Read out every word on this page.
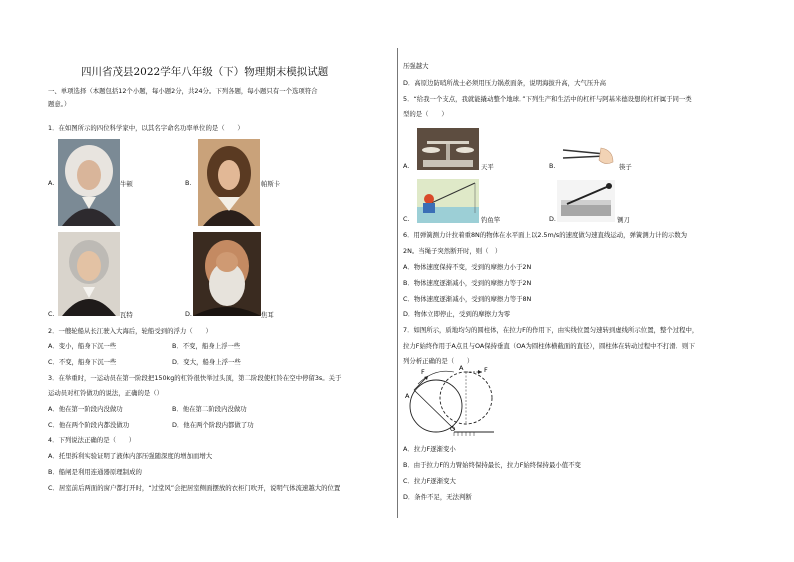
四川省茂县2022学年八年级（下）物理期末模拟试题
一、单项选择（本题包括12个小题，每小题2分，共24分。下列各题，每小题只有一个选项符合
题意。）
1．在如图所示的四位科学家中，以其名字命名功率单位的是（　　）
A.	牛顿	B.	帕斯卡
C.	瓦特	D.	焦耳
2．一艘轮船从长江驶入大海后，轮船受到的浮力（　　）
A．变小，船身下沉一些	B．不变，船身上浮一些
C．不变，船身下沉一些	D．变大，船身上浮一些
3．在举重时，一运动员在第一阶段把150kg的杠铃很快举过头顶，第二阶段使杠铃在空中停留3s。关于
运动员对杠铃做功的说法，正确的是（）
A．他在第一阶段内没做功	B．他在第二阶段内没做功
C．他在两个阶段内都没做功	D．他在两个阶段内都做了功
4．下列说法正确的是（　　）
A．托里拆利实验证明了液体内部压强随深度的增加而增大
B．船闸是利用连通器原理制成的
C．居室前后两面的窗户都打开时，“过堂风”会把居室侧面摆放的衣柜门吹开，说明气体流速越大的位置
压强越大
D．高原边防哨所战士必须用压力锅煮面条，说明海拔升高，大气压升高
5．“给我一个支点，我就能撬动整个地球．”下列生产和生活中的杠杆与阿基米德设想的杠杆属于同一类
型的是（　　）
A.	天平	B.	筷子
C.	钓鱼竿	D.	铡刀
6．用弹簧测力计拉着重8N的物体在水平面上以2.5m/s的速度做匀速直线运动，弹簧测力计的示数为
2N。当绳子突然断开时，则（　）
A．物体速度保持不变，受到的摩擦力小于2N
B．物体速度逐渐减小，受到的摩擦力等于2N
C．物体速度逐渐减小，受到的摩擦力等于8N
D．物体立即停止，受到的摩擦力为零
7．如图所示，质地均匀的圆柱体，在拉力F的作用下，由实线位置匀速转到虚线所示位置，整个过程中，
拉力F始终作用于A点且与OA保持垂直（OA为圆柱体横截面的直径），圆柱体在转动过程中不打滑．则下
列分析正确的是（　　）
A
F	A	F
O
A．拉力F逐渐变小
B．由于拉力F的力臂始终保持最长，拉力F始终保持最小值不变
C．拉力F逐渐变大
D．条件不足，无法判断
